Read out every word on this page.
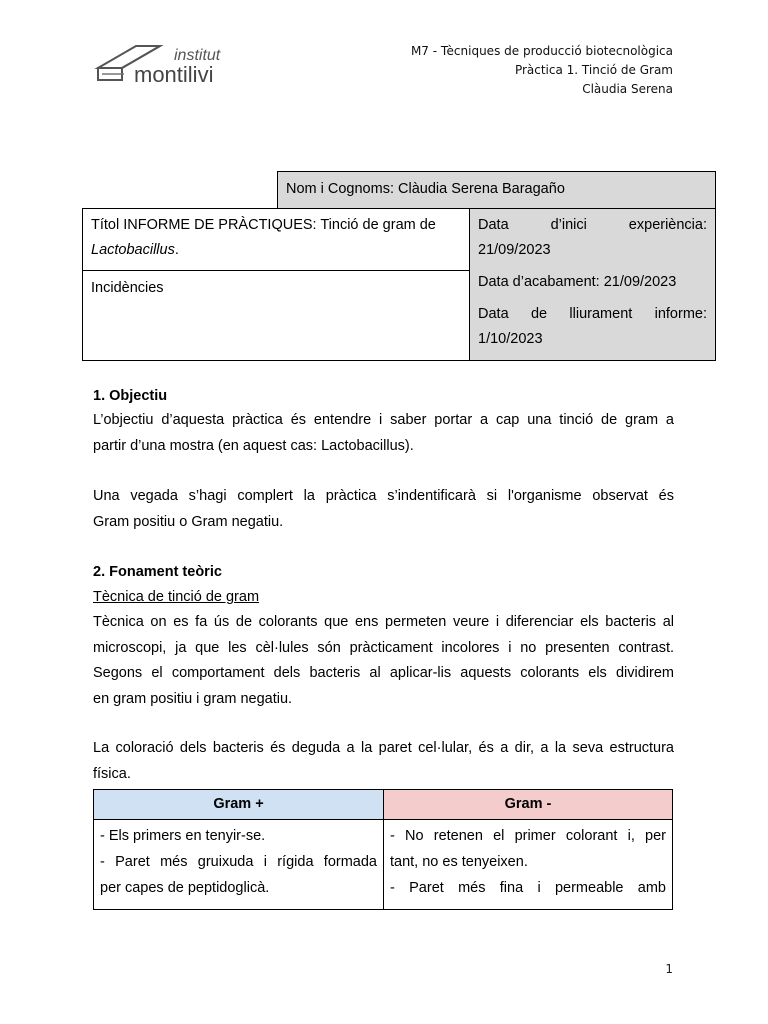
institut
montilivi
M7 - Tècniques de producció biotecnològica
Pràctica 1. Tinció de Gram
Clàudia Serena
Nom i Cognoms: Clàudia Serena Baragaño
Títol INFORME DE PRÀCTIQUES: Tinció de gram de Lactobacillus.
Incidències
Data d’inici experiència:
21/09/2023
Data d’acabament: 21/09/2023
Data de lliurament informe:
1/10/2023
1. Objectiu
L’objectiu d’aquesta pràctica és entendre i saber portar a cap una tinció de gram a
partir d’una mostra (en aquest cas: Lactobacillus).
Una vegada s’hagi complert la pràctica s’indentificarà si l'organisme observat és
Gram positiu o Gram negatiu.
2. Fonament teòric
Tècnica de tinció de gram
Tècnica on es fa ús de colorants que ens permeten veure i diferenciar els bacteris al
microscopi, ja que les cèl·lules són pràcticament incolores i no presenten contrast.
Segons el comportament dels bacteris al aplicar-lis aquests colorants els dividirem
en gram positiu i gram negatiu.
La coloració dels bacteris és deguda a la paret cel·lular, és a dir, a la seva estructura
física.
Gram +	Gram -
- Els primers en tenyir-se.
- Paret més gruixuda i rígida formada
per capes de peptidoglicà.
- No retenen el primer colorant i, per
tant, no es tenyeixen.
- Paret més fina i permeable amb
1
